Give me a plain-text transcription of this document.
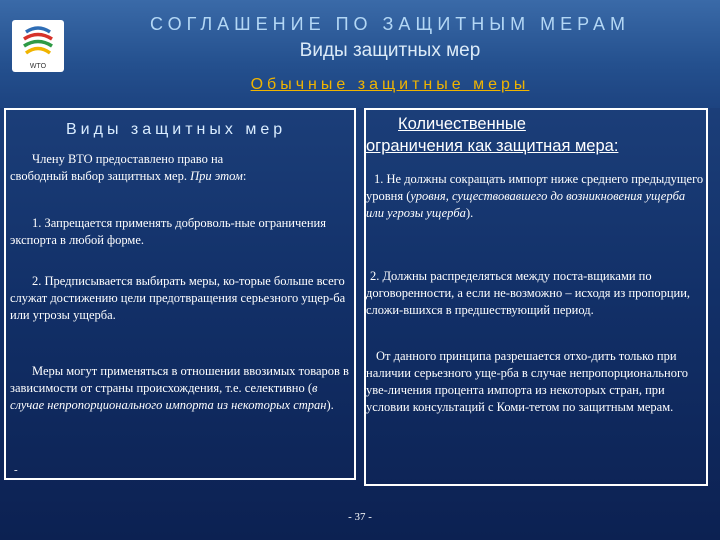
WTO
СОГЛАШЕНИЕ ПО ЗАЩИТНЫМ МЕРАМ
Виды защитных мер
Обычные защитные меры
Виды защитных мер	Количественные
ограничения как защитная мера:
Члену ВТО предоставлено право на
свободный выбор защитных мер. При этом:
1. Запрещается применять доброволь-ные ограничения экспорта в любой форме.
2. Предписывается выбирать меры, ко-торые больше всего служат достижению цели предотвращения серьезного ущер-ба или угрозы ущерба.
Меры могут применяться в отношении ввозимых товаров в зависимости от страны происхождения, т.е. селективно (в случае непропорционального импорта из некоторых стран).
-
1. Не должны сокращать импорт ниже среднего предыдущего уровня (уровня, существовавшего до возникновения ущерба или угрозы ущерба).
2. Должны распределяться между поста-вщиками по договоренности, а если не-возможно – исходя из пропорции, сложи-вшихся в предшествующий период.
От данного принципа разрешается отхо-дить только при наличии серьезного уще-рба в случае непропорционального уве-личения процента импорта из некоторых стран, при условии консультаций с Коми-тетом по защитным мерам.
- 37 -
